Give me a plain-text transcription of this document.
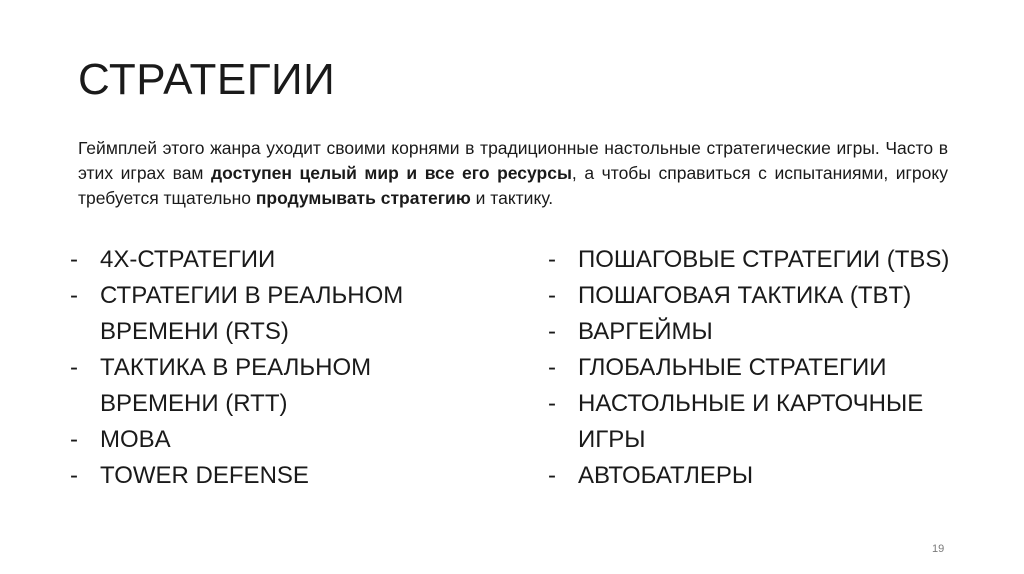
СТРАТЕГИИ

Геймплей этого жанра уходит своими корнями в традиционные настольные стратегические игры. Часто в этих играх вам доступен целый мир и все его ресурсы, а чтобы справиться с испытаниями, игроку требуется тщательно продумывать стратегию и тактику.

- 4X-СТРАТЕГИИ
- СТРАТЕГИИ В РЕАЛЬНОМ ВРЕМЕНИ (RTS)
- ТАКТИКА В РЕАЛЬНОМ ВРЕМЕНИ (RTT)
- MOBA
- TOWER DEFENSE
- ПОШАГОВЫЕ СТРАТЕГИИ (TBS)
- ПОШАГОВАЯ ТАКТИКА (TBT)
- ВАРГЕЙМЫ
- ГЛОБАЛЬНЫЕ СТРАТЕГИИ
- НАСТОЛЬНЫЕ И КАРТОЧНЫЕ ИГРЫ
- АВТОБАТЛЕРЫ
19
